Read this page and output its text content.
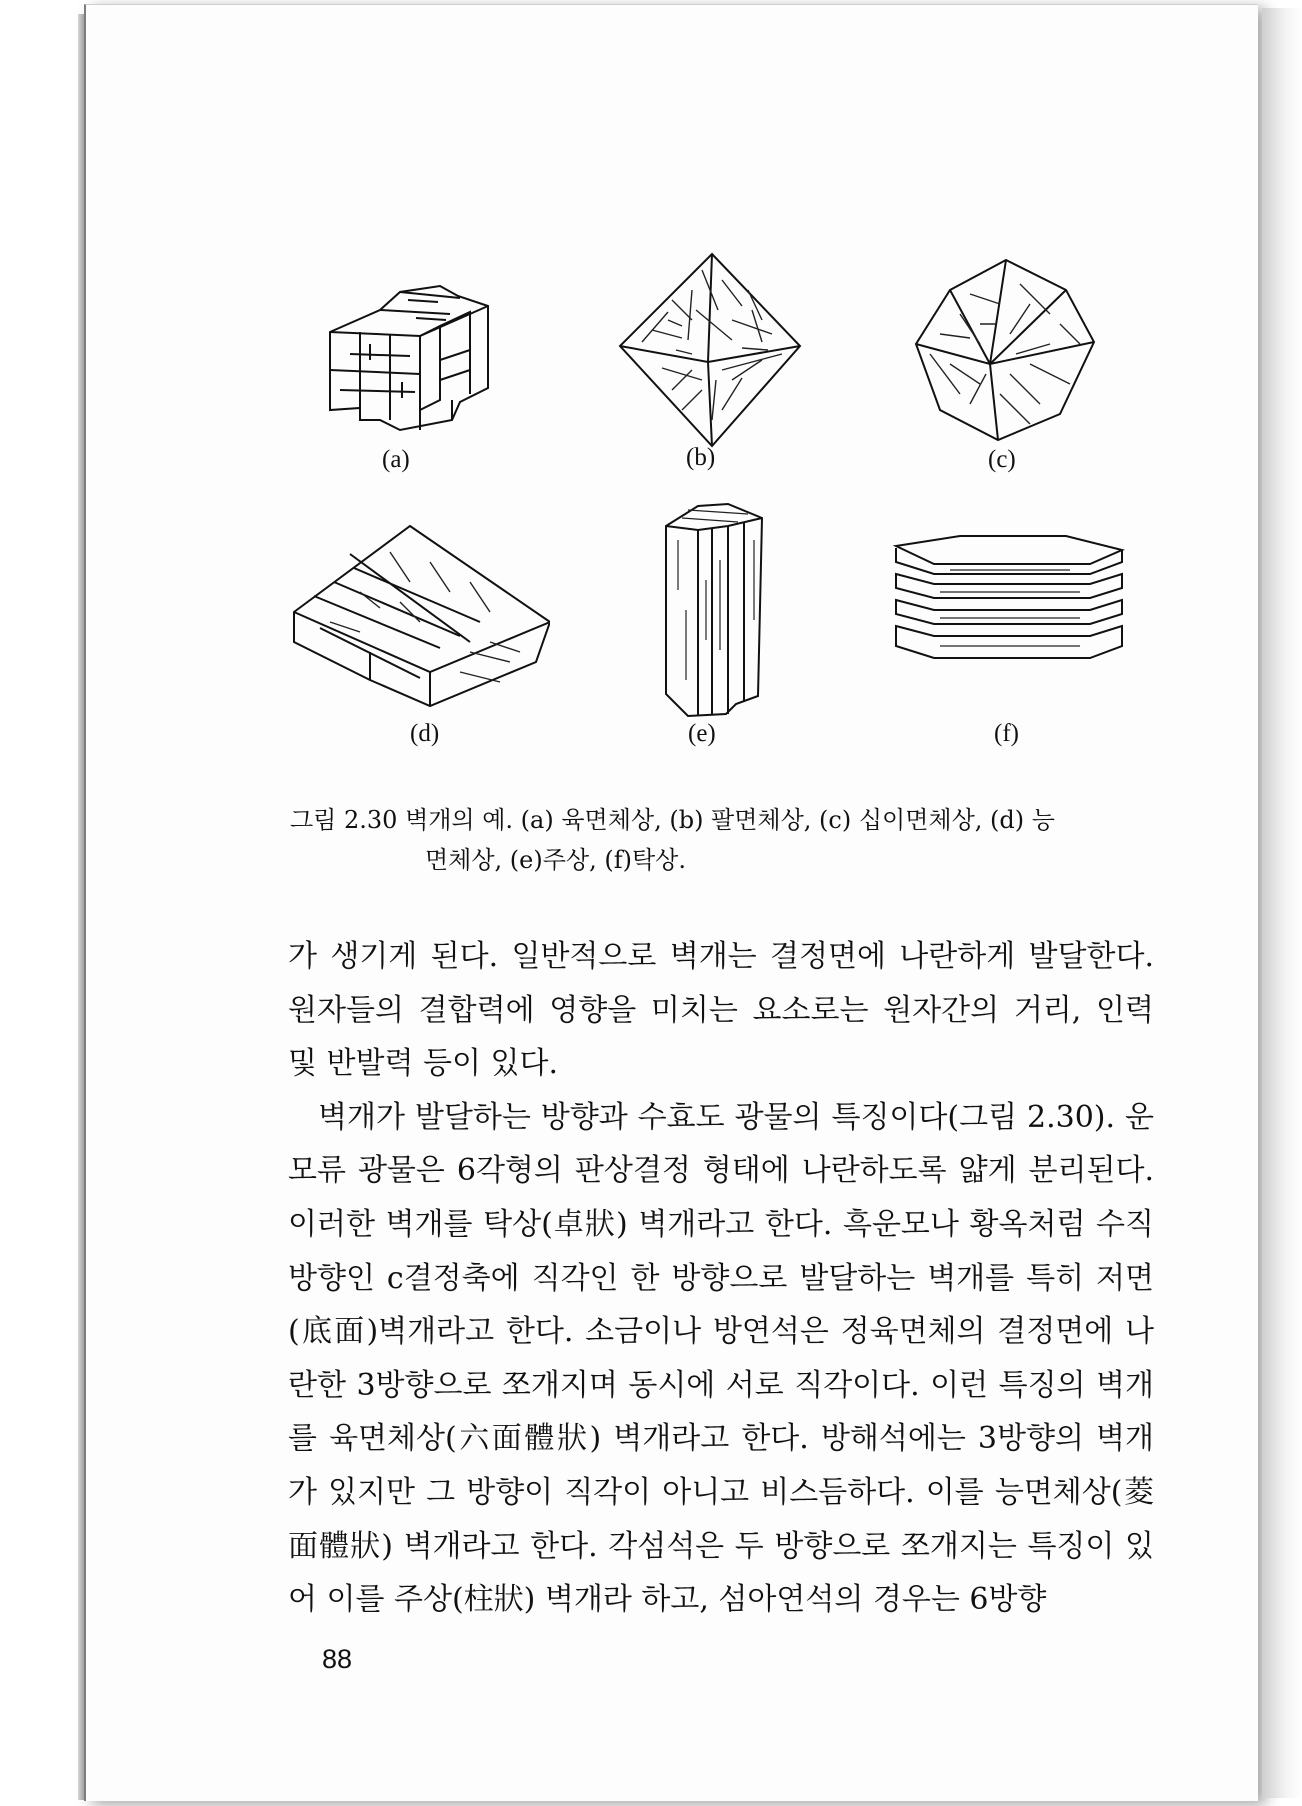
(a)	(b)	(c)
(d)	(e)	(f)
그림 2.30 벽개의 예. (a) 육면체상, (b) 팔면체상, (c) 십이면체상, (d) 능
면체상, (e)주상, (f)탁상.

가 생기게 된다. 일반적으로 벽개는 결정면에 나란하게 발달한다. 원자들의 결합력에 영향을 미치는 요소로는 원자간의 거리, 인력 및 반발력 등이 있다.

벽개가 발달하는 방향과 수효도 광물의 특징이다(그림 2.30). 운모류 광물은 6각형의 판상결정 형태에 나란하도록 얇게 분리된다. 이러한 벽개를 탁상(卓狀) 벽개라고 한다. 흑운모나 황옥처럼 수직 방향인 c결정축에 직각인 한 방향으로 발달하는 벽개를 특히 저면(底面)벽개라고 한다. 소금이나 방연석은 정육면체의 결정면에 나란한 3방향으로 쪼개지며 동시에 서로 직각이다. 이런 특징의 벽개를 육면체상(六面體狀) 벽개라고 한다. 방해석에는 3방향의 벽개가 있지만 그 방향이 직각이 아니고 비스듬하다. 이를 능면체상(菱面體狀) 벽개라고 한다. 각섬석은 두 방향으로 쪼개지는 특징이 있어 이를 주상(柱狀) 벽개라 하고, 섬아연석의 경우는 6방향

88
